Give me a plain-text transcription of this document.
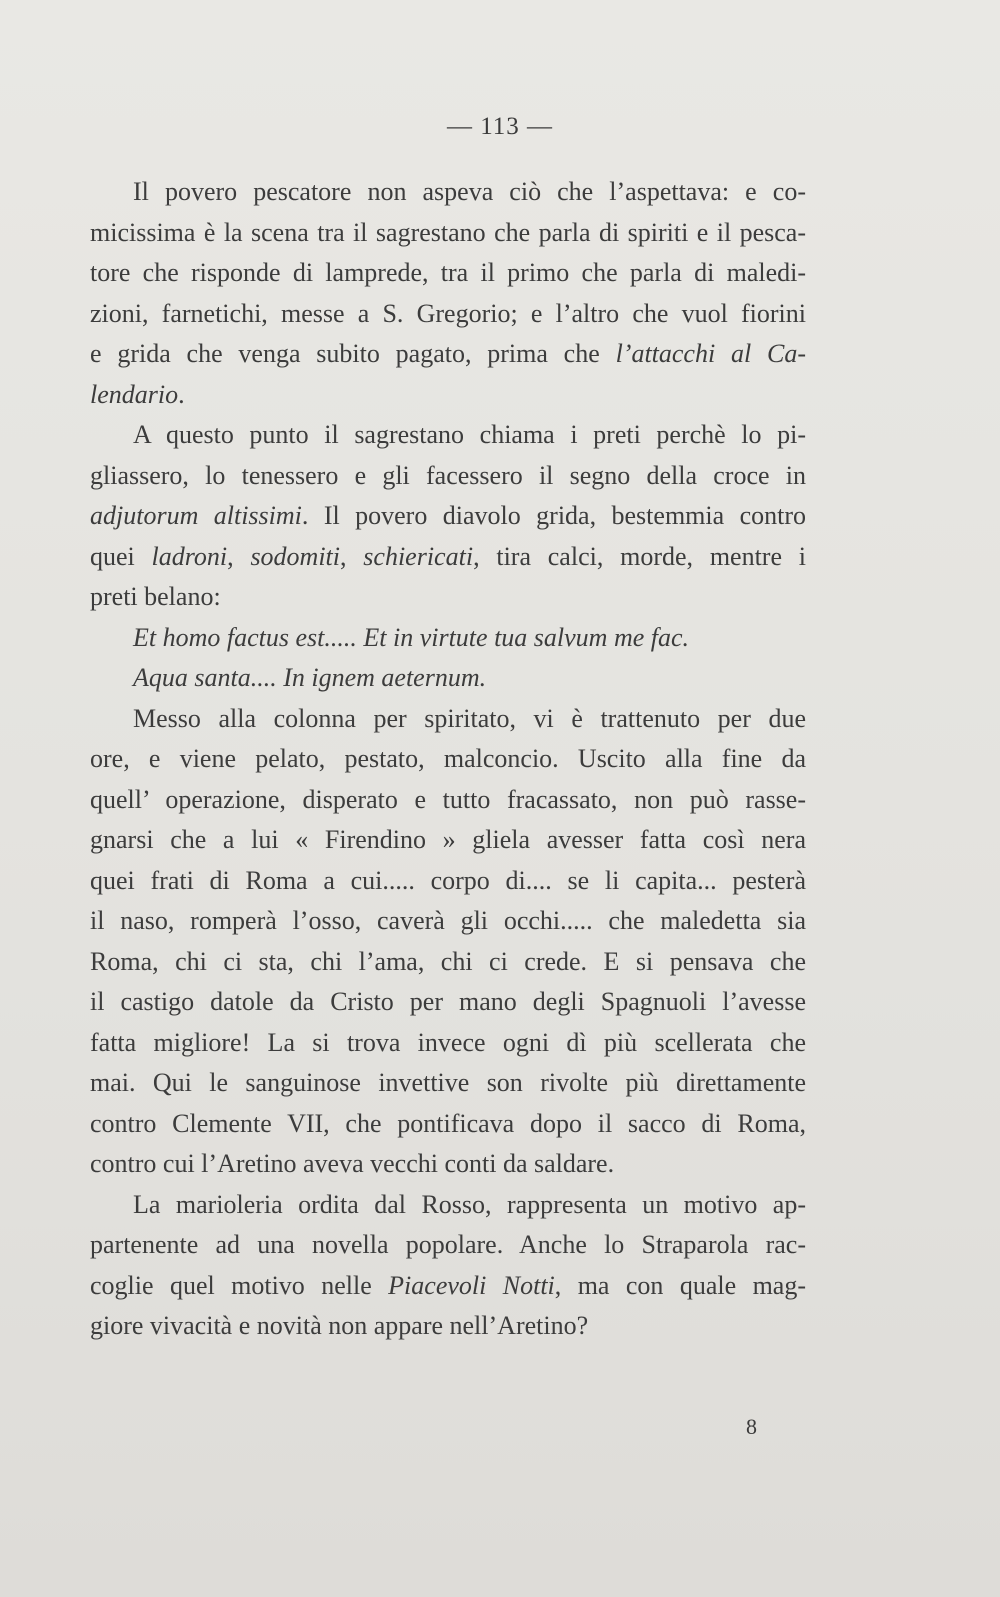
— 113 —
Il povero pescatore non aspeva ciò che l’aspettava: e co-
micissima è la scena tra il sagrestano che parla di spiriti e il pesca-
tore che risponde di lamprede, tra il primo che parla di maledi-
zioni, farnetichi, messe a S. Gregorio; e l’altro che vuol fiorini
e grida che venga subito pagato, prima che l’attacchi al Ca-
lendario.
A questo punto il sagrestano chiama i preti perchè lo pi-
gliassero, lo tenessero e gli facessero il segno della croce in
adjutorum altissimi. Il povero diavolo grida, bestemmia contro
quei ladroni, sodomiti, schiericati, tira calci, morde, mentre i
preti belano:
Et homo factus est..... Et in virtute tua salvum me fac.
Aqua santa.... In ignem aeternum.
Messo alla colonna per spiritato, vi è trattenuto per due
ore, e viene pelato, pestato, malconcio. Uscito alla fine da
quell’ operazione, disperato e tutto fracassato, non può rasse-
gnarsi che a lui « Firendino » gliela avesser fatta così nera
quei frati di Roma a cui..... corpo di.... se li capita... pesterà
il naso, romperà l’osso, caverà gli occhi..... che maledetta sia
Roma, chi ci sta, chi l’ama, chi ci crede. E si pensava che
il castigo datole da Cristo per mano degli Spagnuoli l’avesse
fatta migliore! La si trova invece ogni dì più scellerata che
mai. Qui le sanguinose invettive son rivolte più direttamente
contro Clemente VII, che pontificava dopo il sacco di Roma,
contro cui l’Aretino aveva vecchi conti da saldare.
La marioleria ordita dal Rosso, rappresenta un motivo ap-
partenente ad una novella popolare. Anche lo Straparola rac-
coglie quel motivo nelle Piacevoli Notti, ma con quale mag-
giore vivacità e novità non appare nell’Aretino?
8
